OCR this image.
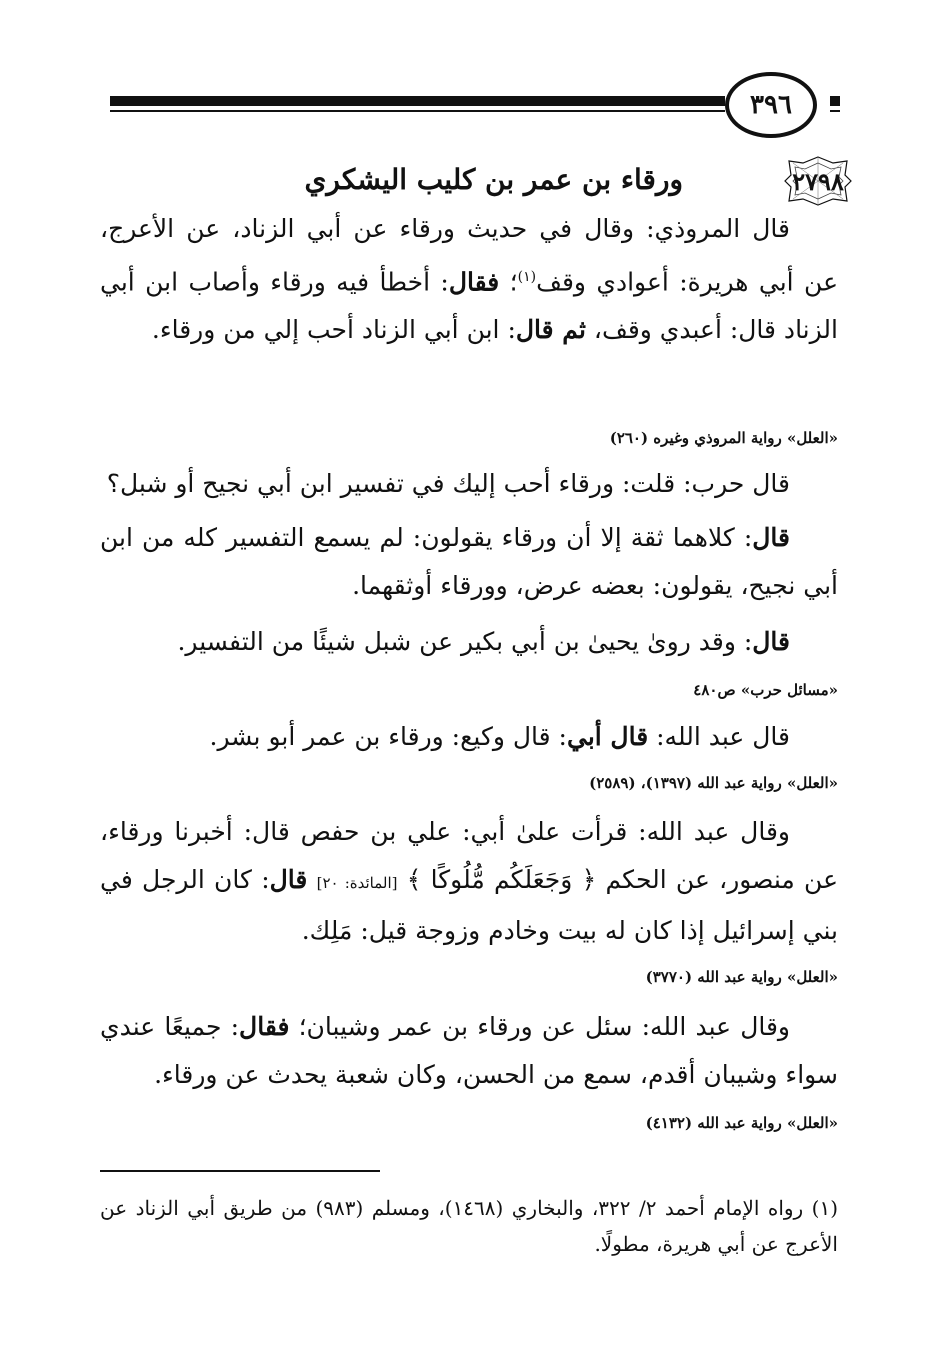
٣٩٦
٢٧٩٨
ورقاء بن عمر بن كليب اليشكري

قال المروذي: وقال في حديث ورقاء عن أبي الزناد، عن الأعرج، عن أبي هريرة: أعوادي وقف$^{(١)}$؛ فقال: أخطأ فيه ورقاء وأصاب ابن أبي الزناد قال: أعبدي وقف، ثم قال: ابن أبي الزناد أحب إلي من ورقاء.

«العلل» رواية المروذي وغيره (٢٦٠)

قال حرب: قلت: ورقاء أحب إليك في تفسير ابن أبي نجيح أو شبل؟

قال: كلاهما ثقة إلا أن ورقاء يقولون: لم يسمع التفسير كله من ابن أبي نجيح، يقولون: بعضه عرض، وورقاء أوثقهما.

قال: وقد روىٰ يحيىٰ بن أبي بكير عن شبل شيئًا من التفسير.

«مسائل حرب» ص٤٨٠

قال عبد الله: قال أبي: قال وكيع: ورقاء بن عمر أبو بشر.

«العلل» رواية عبد الله (١٣٩٧)، (٢٥٨٩)

وقال عبد الله: قرأت علىٰ أبي: علي بن حفص قال: أخبرنا ورقاء، عن منصور، عن الحكم ﴿ وَجَعَلَكُم مُّلُوكًا ﴾ [المائدة: ٢٠] قال: كان الرجل في بني إسرائيل إذا كان له بيت وخادم وزوجة قيل: مَلِك.

«العلل» رواية عبد الله (٣٧٧٠)

وقال عبد الله: سئل عن ورقاء بن عمر وشيبان؛ فقال: جميعًا عندي سواء وشيبان أقدم، سمع من الحسن، وكان شعبة يحدث عن ورقاء.

«العلل» رواية عبد الله (٤١٣٢)

(١) رواه الإمام أحمد ٢/ ٣٢٢، والبخاري (١٤٦٨)، ومسلم (٩٨٣) من طريق أبي الزناد عن الأعرج عن أبي هريرة، مطولًا.
